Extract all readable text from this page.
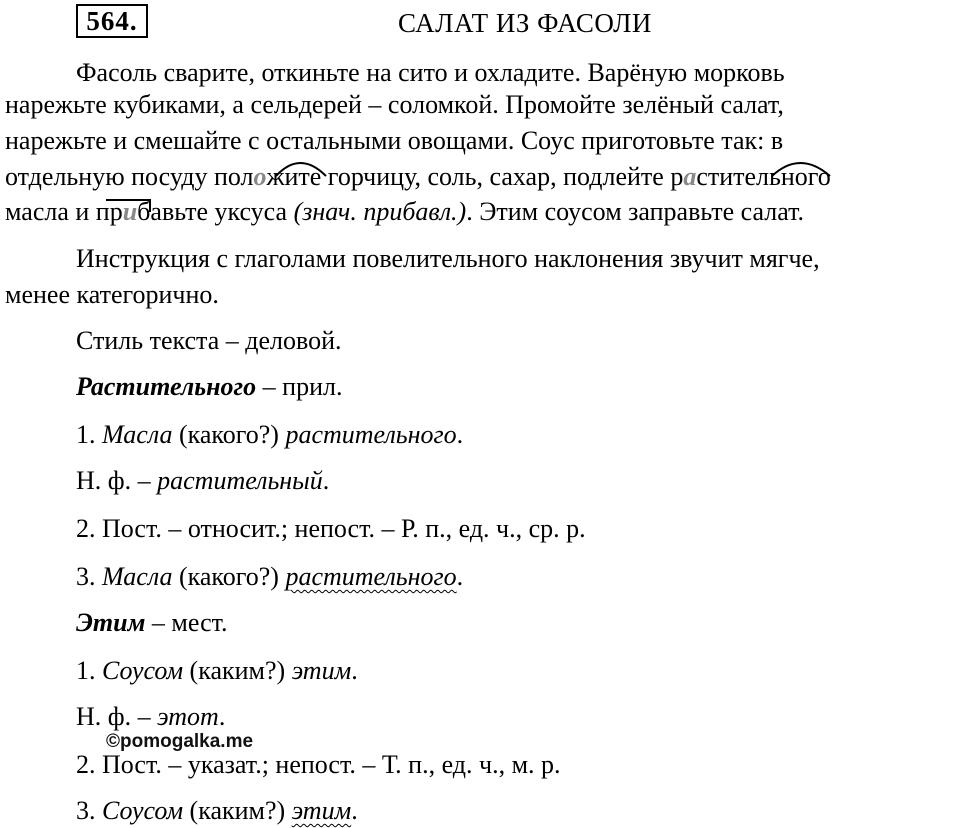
564.	САЛАТ ИЗ ФАСОЛИ
Фасоль сварите, откиньте на сито и охладите. Варёную морковь
нарежьте кубиками, а сельдерей – соломкой. Промойте зелёный салат,
нарежьте и смешайте с остальными овощами. Соус приготовьте так: в
отдельную посуду положите горчицу, соль, сахар, подлейте растительного
масла и прибавьте уксуса (знач. прибавл.). Этим соусом заправьте салат.
Инструкция с глаголами повелительного наклонения звучит мягче,
менее категорично.
Стиль текста – деловой.
Растительного – прил.
1. Масла (какого?) растительного.
Н. ф. – растительный.
2. Пост. – относит.; непост. – Р. п., ед. ч., ср. р.
3. Масла (какого?) растительного.
Этим – мест.
1. Соусом (каким?) этим.
Н. ф. – этот.
©pomogalka.me
2. Пост. – указат.; непост. – Т. п., ед. ч., м. р.
3. Соусом (каким?) этим.
